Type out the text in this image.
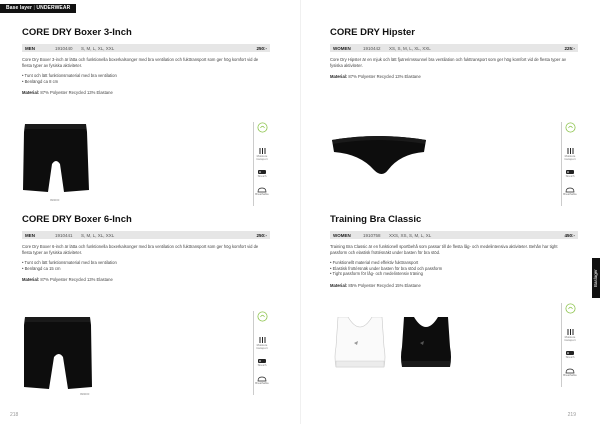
Base layer | UNDERWEAR
CORE DRY Boxer 3-Inch
MEN	1910440	S, M, L, XL, XXL	250:-
Core Dry Boxer 3-inch är lätta och funktionella boxerkalsonger med bra ventilation och fukttransport som ger hög komfort vid de flesta typer av fysiska aktiviteter.
• Tunt och lätt funktionsmaterial med bra ventilation
• Benlängd ca 8 cm
Material: 87% Polyester Recycled 13% Elastane
999000
Moisture transport
Stretch
Breathable
CORE DRY Hipster
WOMEN	1910442	XS, S, M, L, XL, XXL	225:-
Core Dry Hipster är en mjuk och lätt fjutrerimssunnel bra ventilation och fukttransport som ger hög komfort vid de flesta typer av fysiska aktiviteter.
Material: 87% Polyester Recycled 13% Elastane
Moisture transport
Stretch
Breathable
CORE DRY Boxer 6-Inch
MEN	1910441	S, M, L, XL, XXL	250:-
Core Dry Boxer 6-inch är lätta och funktionella boxerkalsonger med bra ventilation och fukttransport som ger hög komfort vid de flesta typer av fysiska aktiviteter.
• Tunt och lätt funktionsmaterial med bra ventilation
• Benlängd ca 15 cm
Material: 87% Polyester Recycled 13% Elastane
999000
Moisture transport
Stretch
Breathable
Training Bra Classic
WOMEN	1910758	XXS, XS, S, M, L, XL	450:-
Training Bra Classic är en funktionell sportbehå som passar till de flesta låg- och medelintensiva aktiviteter. Behån har tight passform och elastisk frottésnäkt under basten för bra stöd.
• Funktionellt material med effektiv fukttransport
• Elastisk frottérsnäk under basten för bra stöd och passform
• Tight passform för låg- och medelintensiv träning
Material: 85% Polyester Recycled 15% Elastane
Moisture transport
Stretch
Breathable
218	219
Baslager
